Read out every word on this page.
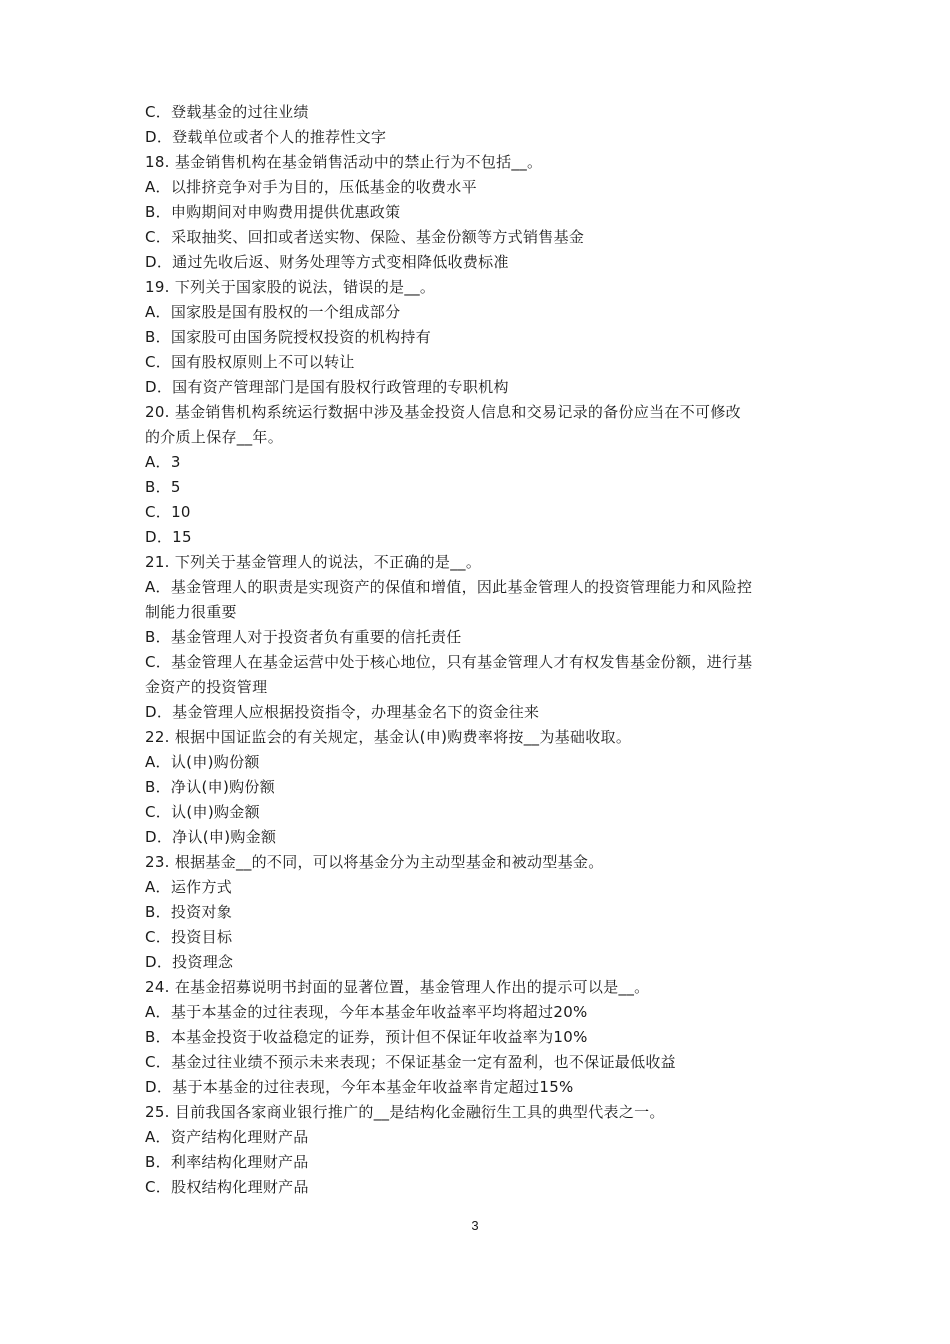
C．登载基金的过往业绩
D．登载单位或者个人的推荐性文字
18. 基金销售机构在基金销售活动中的禁止行为不包括__。
A．以排挤竞争对手为目的，压低基金的收费水平
B．申购期间对申购费用提供优惠政策
C．采取抽奖、回扣或者送实物、保险、基金份额等方式销售基金
D．通过先收后返、财务处理等方式变相降低收费标准
19. 下列关于国家股的说法，错误的是__。
A．国家股是国有股权的一个组成部分
B．国家股可由国务院授权投资的机构持有
C．国有股权原则上不可以转让
D．国有资产管理部门是国有股权行政管理的专职机构
20. 基金销售机构系统运行数据中涉及基金投资人信息和交易记录的备份应当在不可修改
的介质上保存__年。
A．3
B．5
C．10
D．15
21. 下列关于基金管理人的说法，不正确的是__。
A．基金管理人的职责是实现资产的保值和增值，因此基金管理人的投资管理能力和风险控
制能力很重要
B．基金管理人对于投资者负有重要的信托责任
C．基金管理人在基金运营中处于核心地位，只有基金管理人才有权发售基金份额，进行基
金资产的投资管理
D．基金管理人应根据投资指令，办理基金名下的资金往来
22. 根据中国证监会的有关规定，基金认(申)购费率将按__为基础收取。
A．认(申)购份额
B．净认(申)购份额
C．认(申)购金额
D．净认(申)购金额
23. 根据基金__的不同，可以将基金分为主动型基金和被动型基金。
A．运作方式
B．投资对象
C．投资目标
D．投资理念
24. 在基金招募说明书封面的显著位置，基金管理人作出的提示可以是__。
A．基于本基金的过往表现，今年本基金年收益率平均将超过20%
B．本基金投资于收益稳定的证券，预计但不保证年收益率为10%
C．基金过往业绩不预示未来表现；不保证基金一定有盈利，也不保证最低收益
D．基于本基金的过往表现，今年本基金年收益率肯定超过15%
25. 目前我国各家商业银行推广的__是结构化金融衍生工具的典型代表之一。
A．资产结构化理财产品
B．利率结构化理财产品
C．股权结构化理财产品
3
